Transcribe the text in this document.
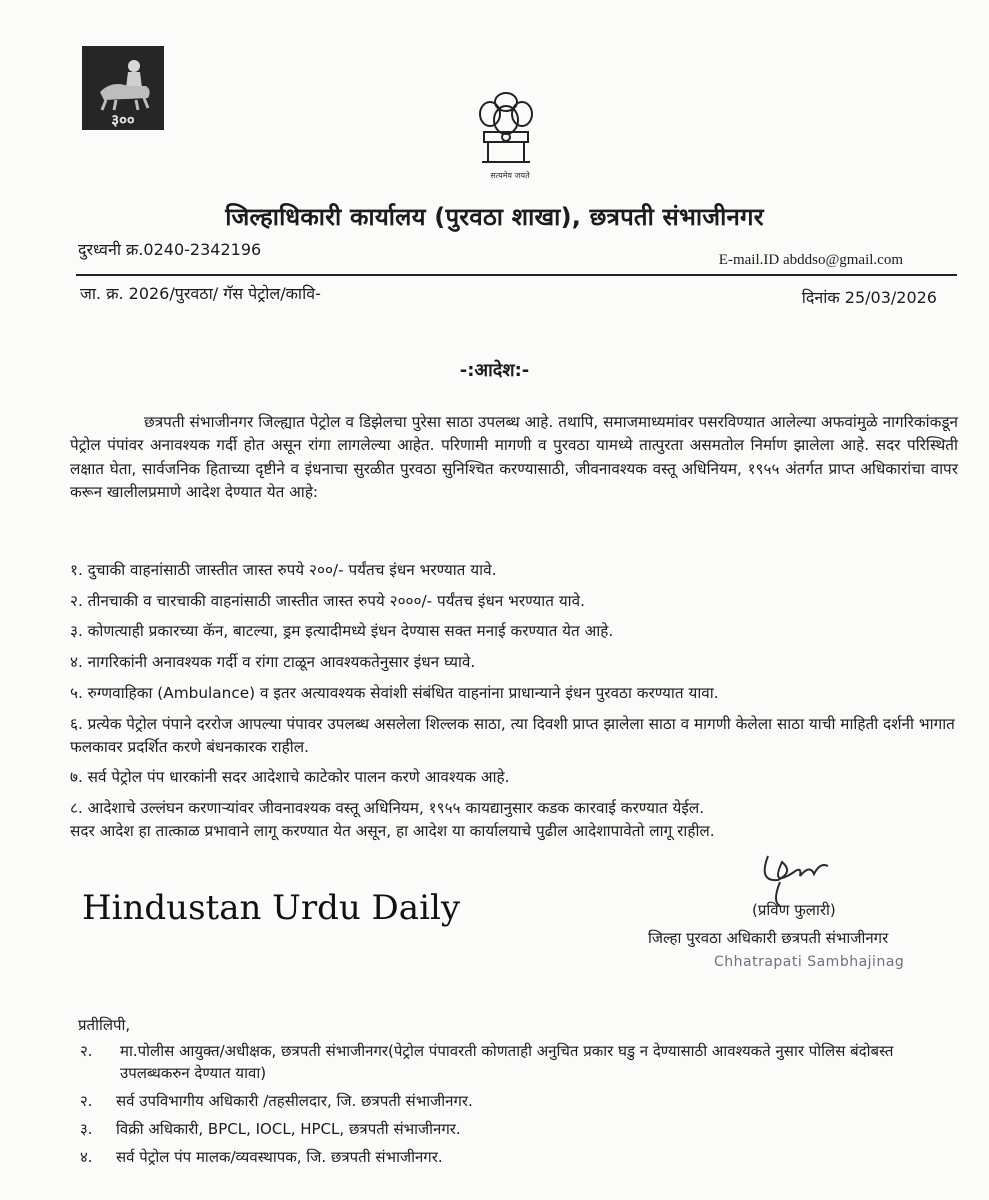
३००
सत्यमेव जयते
जिल्हाधिकारी कार्यालय (पुरवठा शाखा), छत्रपती संभाजीनगर
दुरध्वनी क्र.0240-2342196
E-mail.ID abddso@gmail.com
जा. क्र. 2026/पुरवठा/ गॅस पेट्रोल/कावि-	दिनांक 25/03/2026
-:आदेश:-
छत्रपती संभाजीनगर जिल्ह्यात पेट्रोल व डिझेलचा पुरेसा साठा उपलब्ध आहे. तथापि, समाजमाध्यमांवर पसरविण्यात आलेल्या अफवांमुळे नागरिकांकडून पेट्रोल पंपांवर अनावश्यक गर्दी होत असून रांगा लागलेल्या आहेत. परिणामी मागणी व पुरवठा यामध्ये तात्पुरता असमतोल निर्माण झालेला आहे. सदर परिस्थिती लक्षात घेता, सार्वजनिक हिताच्या दृष्टीने व इंधनाचा सुरळीत पुरवठा सुनिश्चित करण्यासाठी, जीवनावश्यक वस्तू अधिनियम, १९५५ अंतर्गत प्राप्त अधिकारांचा वापर करून खालीलप्रमाणे आदेश देण्यात येत आहे:
१. दुचाकी वाहनांसाठी जास्तीत जास्त रुपये २००/- पर्यंतच इंधन भरण्यात यावे.
२. तीनचाकी व चारचाकी वाहनांसाठी जास्तीत जास्त रुपये २०००/- पर्यंतच इंधन भरण्यात यावे.
३. कोणत्याही प्रकारच्या कॅन, बाटल्या, ड्रम इत्यादीमध्ये इंधन देण्यास सक्त मनाई करण्यात येत आहे.
४. नागरिकांनी अनावश्यक गर्दी व रांगा टाळून आवश्यकतेनुसार इंधन घ्यावे.
५. रुग्णवाहिका (Ambulance) व इतर अत्यावश्यक सेवांशी संबंधित वाहनांना प्राधान्याने इंधन पुरवठा करण्यात यावा.
६. प्रत्येक पेट्रोल पंपाने दररोज आपल्या पंपावर उपलब्ध असलेला शिल्लक साठा, त्या दिवशी प्राप्त झालेला साठा व मागणी केलेला साठा याची माहिती दर्शनी भागात फलकावर प्रदर्शित करणे बंधनकारक राहील.
७. सर्व पेट्रोल पंप धारकांनी सदर आदेशाचे काटेकोर पालन करणे आवश्यक आहे.
८. आदेशाचे उल्लंघन करणाऱ्यांवर जीवनावश्यक वस्तू अधिनियम, १९५५ कायद्यानुसार कडक कारवाई करण्यात येईल.
सदर आदेश हा तात्काळ प्रभावाने लागू करण्यात येत असून, हा आदेश या कार्यालयाचे पुढील आदेशापावेतो लागू राहील.
Hindustan Urdu Daily	(प्रविण फुलारी)
जिल्हा पुरवठा अधिकारी छत्रपती संभाजीनगर
Chhatrapati Sambhajinag
प्रतीलिपी,
२.	मा.पोलीस आयुक्त/अधीक्षक, छत्रपती संभाजीनगर(पेट्रोल पंपावरती कोणताही अनुचित प्रकार घडु न देण्यासाठी आवश्यकते नुसार पोलिस बंदोबस्त उपलब्धकरुन देण्यात यावा)
२.	सर्व उपविभागीय अधिकारी /तहसीलदार, जि. छत्रपती संभाजीनगर.
३.	विक्री अधिकारी, BPCL, IOCL, HPCL, छत्रपती संभाजीनगर.
४.	सर्व पेट्रोल पंप मालक/व्यवस्थापक, जि. छत्रपती संभाजीनगर.
